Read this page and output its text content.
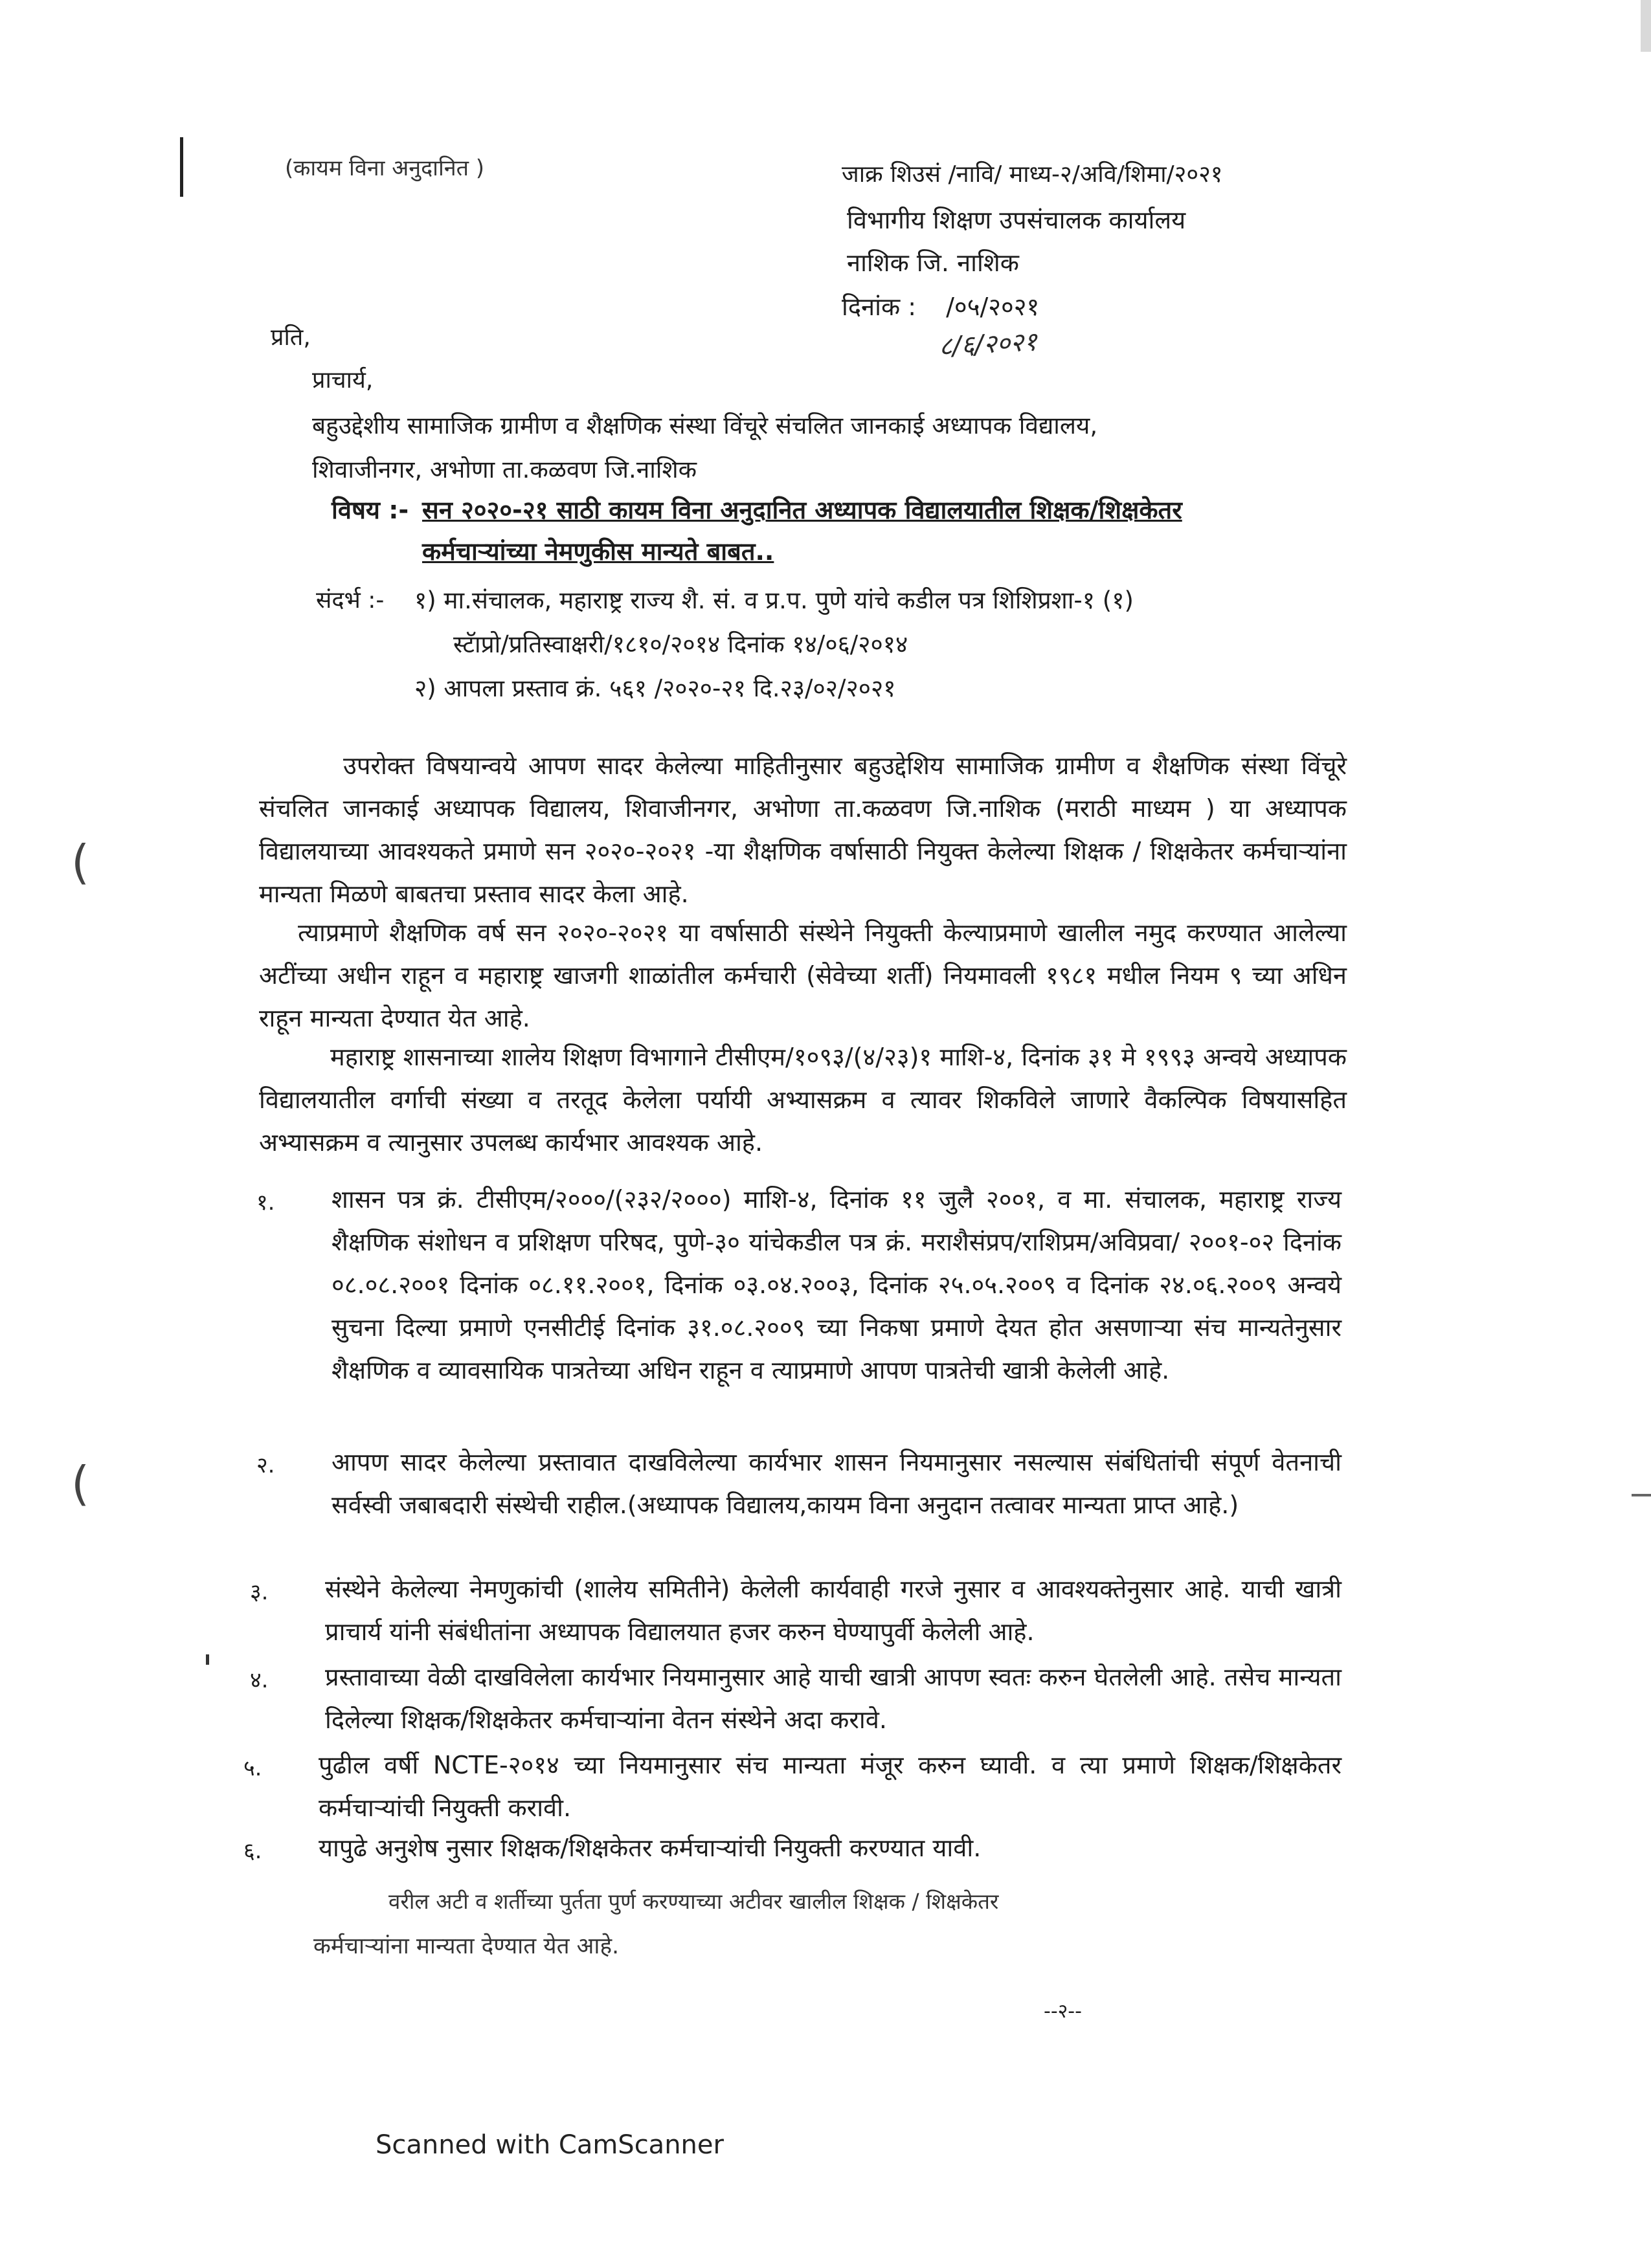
(
(
(कायम विना अनुदानित )	जाक्र शिउसं /नावि/ माध्य-२/अवि/शिमा/२०२१
विभागीय शिक्षण उपसंचालक कार्यालय
नाशिक जि. नाशिक
दिनांक : /०५/२०२१
८/६/२०२१
प्रति,
प्राचार्य,
बहुउद्देशीय सामाजिक ग्रामीण व शैक्षणिक संस्था विंचूरे संचलित जानकाई अध्यापक विद्यालय,
शिवाजीनगर, अभोणा ता.कळवण जि.नाशिक
विषय :- सन २०२०-२१ साठी कायम विना अनुदानित अध्यापक विद्यालयातील शिक्षक/शिक्षकेतर
कर्मचाऱ्यांच्या नेमणुकीस मान्यते बाबत..
संदर्भ :- १) मा.संचालक, महाराष्ट्र राज्य शै. सं. व प्र.प. पुणे यांचे कडील पत्र शिशिप्रशा-१ (१)
स्टॅाप्रो/प्रतिस्वाक्षरी/१८१०/२०१४ दिनांक १४/०६/२०१४
२) आपला प्रस्ताव क्रं. ५६१ /२०२०-२१ दि.२३/०२/२०२१
उपरोक्त विषयान्वये आपण सादर केलेल्या माहितीनुसार बहुउद्देशिय सामाजिक ग्रामीण व शैक्षणिक संस्था विंचूरे संचलित जानकाई अध्यापक विद्यालय, शिवाजीनगर, अभोणा ता.कळवण जि.नाशिक (मराठी माध्यम ) या अध्यापक विद्यालयाच्या आवश्यकते प्रमाणे सन २०२०-२०२१ -या शैक्षणिक वर्षासाठी नियुक्त केलेल्या शिक्षक / शिक्षकेतर कर्मचाऱ्यांना मान्यता मिळणे बाबतचा प्रस्ताव सादर केला आहे.
त्याप्रमाणे शैक्षणिक वर्ष सन २०२०-२०२१ या वर्षासाठी संस्थेने नियुक्ती केल्याप्रमाणे खालील नमुद करण्यात आलेल्या अटींच्या अधीन राहून व महाराष्ट्र खाजगी शाळांतील कर्मचारी (सेवेच्या शर्ती) नियमावली १९८१ मधील नियम ९ च्या अधिन राहून मान्यता देण्यात येत आहे.
महाराष्ट्र शासनाच्या शालेय शिक्षण विभागाने टीसीएम/१०९३/(४/२३)१ माशि-४, दिनांक ३१ मे १९९३ अन्वये अध्यापक विद्यालयातील वर्गाची संख्या व तरतूद केलेला पर्यायी अभ्यासक्रम व त्यावर शिकविले जाणारे वैकल्पिक विषयासहित अभ्यासक्रम व त्यानुसार उपलब्ध कार्यभार आवश्यक आहे.
१. शासन पत्र क्रं. टीसीएम/२०००/(२३२/२०००) माशि-४, दिनांक ११ जुलै २००१, व मा. संचालक, महाराष्ट्र राज्य शैक्षणिक संशोधन व प्रशिक्षण परिषद, पुणे-३० यांचेकडील पत्र क्रं. मराशैसंप्रप/राशिप्रम/अविप्रवा/ २००१-०२ दिनांक ०८.०८.२००१ दिनांक ०८.११.२००१, दिनांक ०३.०४.२००३, दिनांक २५.०५.२००९ व दिनांक २४.०६.२००९ अन्वये सुचना दिल्या प्रमाणे एनसीटीई दिनांक ३१.०८.२००९ च्या निकषा प्रमाणे देयत होत असणाऱ्या संच मान्यतेनुसार शैक्षणिक व व्यावसायिक पात्रतेच्या अधिन राहून व त्याप्रमाणे आपण पात्रतेची खात्री केलेली आहे.
२. आपण सादर केलेल्या प्रस्तावात दाखविलेल्या कार्यभार शासन नियमानुसार नसल्यास संबंधितांची संपूर्ण वेतनाची सर्वस्वी जबाबदारी संस्थेची राहील.(अध्यापक विद्यालय,कायम विना अनुदान तत्वावर मान्यता प्राप्त आहे.)
३. संस्थेने केलेल्या नेमणुकांची (शालेय समितीने) केलेली कार्यवाही गरजे नुसार व आवश्यक्तेनुसार आहे. याची खात्री प्राचार्य यांनी संबंधीतांना अध्यापक विद्यालयात हजर करुन घेण्यापुर्वी केलेली आहे.
४. प्रस्तावाच्या वेळी दाखविलेला कार्यभार नियमानुसार आहे याची खात्री आपण स्वतः करुन घेतलेली आहे. तसेच मान्यता दिलेल्या शिक्षक/शिक्षकेतर कर्मचाऱ्यांना वेतन संस्थेने अदा करावे.
५. पुढील वर्षी NCTE-२०१४ च्या नियमानुसार संच मान्यता मंजूर करुन घ्यावी. व त्या प्रमाणे शिक्षक/शिक्षकेतर कर्मचाऱ्यांची नियुक्ती करावी.
६. यापुढे अनुशेष नुसार शिक्षक/शिक्षकेतर कर्मचाऱ्यांची नियुक्ती करण्यात यावी.
वरील अटी व शर्तीच्या पुर्तता पुर्ण करण्याच्या अटीवर खालील शिक्षक / शिक्षकेतर
कर्मचाऱ्यांना मान्यता देण्यात येत आहे.
--२--
Scanned with CamScanner
